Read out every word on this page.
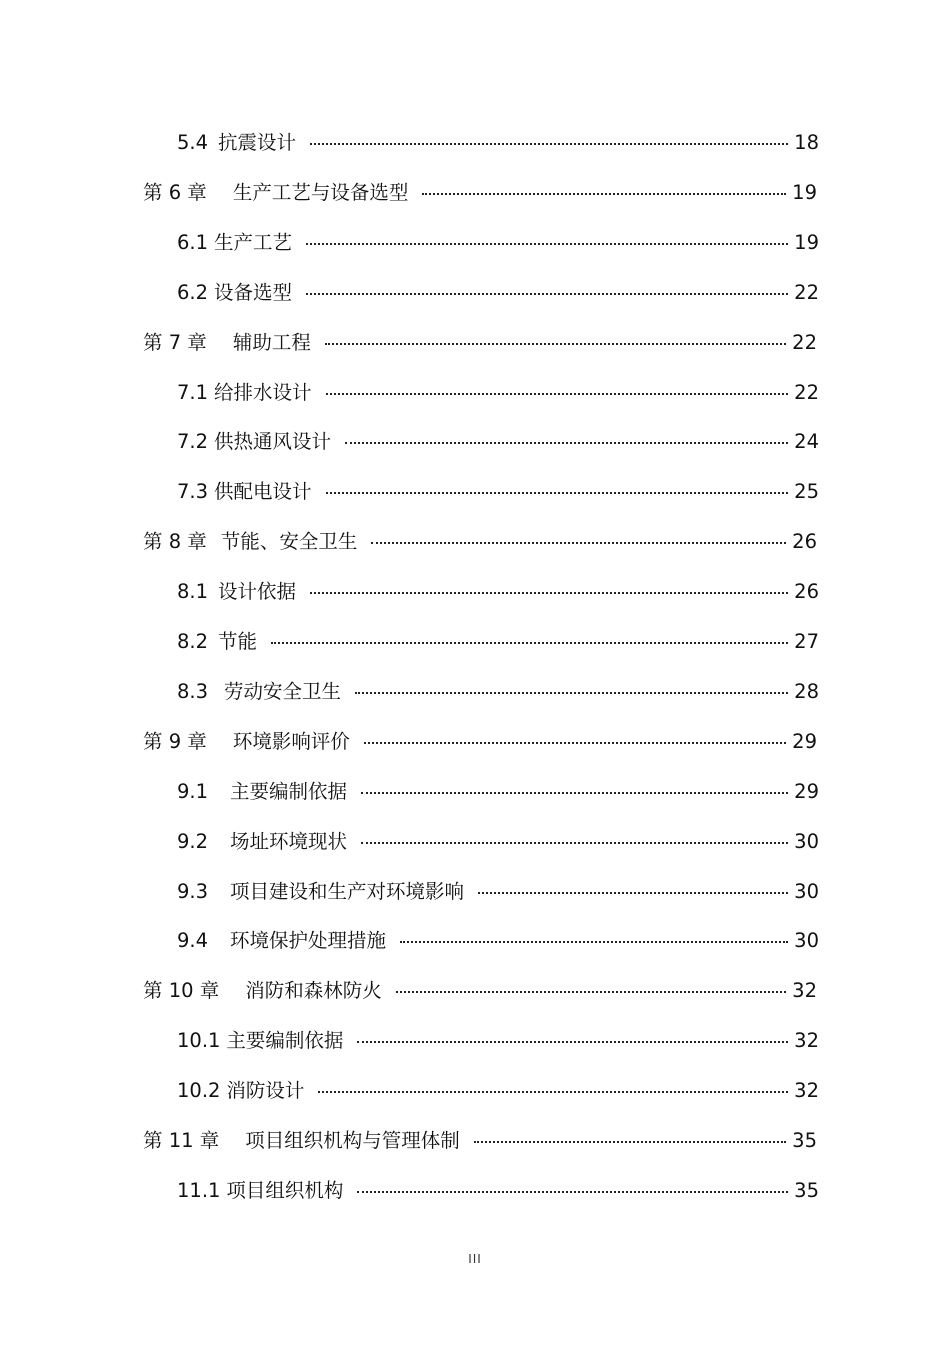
5.4 抗震设计	18
第 6 章 生产工艺与设备选型	19
6.1 生产工艺	19
6.2 设备选型	22
第 7 章 辅助工程	22
7.1 给排水设计	22
7.2 供热通风设计	24
7.3 供配电设计	25
第 8 章 节能、安全卫生	26
8.1 设计依据	26
8.2 节能	27
8.3 劳动安全卫生	28
第 9 章 环境影响评价	29
9.1 主要编制依据	29
9.2 场址环境现状	30
9.3 项目建设和生产对环境影响	30
9.4 环境保护处理措施	30
第 10 章 消防和森林防火	32
10.1 主要编制依据	32
10.2 消防设计	32
第 11 章 项目组织机构与管理体制	35
11.1 项目组织机构	35
III
